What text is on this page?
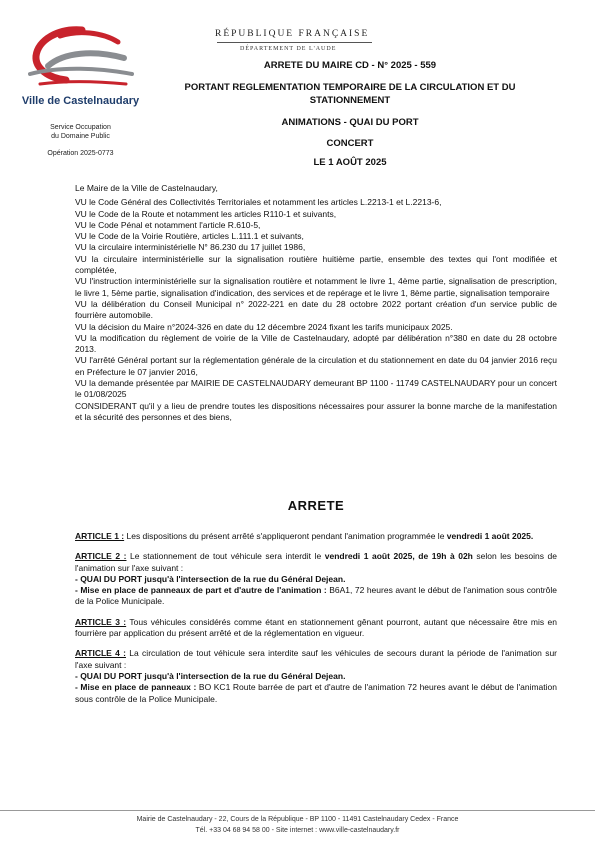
Ville de Castelnaudary
Service Occupation
du Domaine Public
Opération 2025-0773
RÉPUBLIQUE FRANÇAISE
DÉPARTEMENT DE L'AUDE
ARRETE DU MAIRE CD - N° 2025 - 559
PORTANT REGLEMENTATION TEMPORAIRE DE LA CIRCULATION ET DU
STATIONNEMENT
ANIMATIONS - QUAI DU PORT
CONCERT
LE 1 AOÛT 2025

Le Maire de la Ville de Castelnaudary,

VU le Code Général des Collectivités Territoriales et notamment les articles L.2213-1 et L.2213-6,

VU le Code de la Route et notamment les articles R110-1 et suivants,

VU le Code Pénal et notamment l'article R.610-5,

VU le Code de la Voirie Routière, articles L.111.1 et suivants,

VU la circulaire interministérielle N° 86.230 du 17 juillet 1986,

VU la circulaire interministérielle sur la signalisation routière huitième partie, ensemble des textes qui l'ont modifiée et complétée,

VU l'instruction interministérielle sur la signalisation routière et notamment le livre 1, 4ème partie, signalisation de prescription, le livre 1, 5ème partie, signalisation d'indication, des services et de repérage et le livre 1, 8ème partie, signalisation temporaire

VU la délibération du Conseil Municipal n° 2022-221 en date du 28 octobre 2022 portant création d'un service public de fourrière automobile.

VU la décision du Maire n°2024-326 en date du 12 décembre 2024 fixant les tarifs municipaux 2025.

VU la modification du règlement de voirie de la Ville de Castelnaudary, adopté par délibération n°380 en date du 28 octobre 2013.

VU l'arrêté Général portant sur la réglementation générale de la circulation et du stationnement en date du 04 janvier 2016 reçu en Préfecture le 07 janvier 2016,

VU la demande présentée par MAIRIE DE CASTELNAUDARY demeurant BP 1100 - 11749 CASTELNAUDARY pour un concert le 01/08/2025

CONSIDERANT qu'il y a lieu de prendre toutes les dispositions nécessaires pour assurer la bonne marche de la manifestation et la sécurité des personnes et des biens,

ARRETE

ARTICLE 1 : Les dispositions du présent arrêté s'appliqueront pendant l'animation programmée le vendredi 1 août 2025.

ARTICLE 2 : Le stationnement de tout véhicule sera interdit le vendredi 1 août 2025, de 19h à 02h selon les besoins de l'animation sur l'axe suivant :

- QUAI DU PORT jusqu'à l'intersection de la rue du Général Dejean.

- Mise en place de panneaux de part et d'autre de l'animation : B6A1, 72 heures avant le début de l'animation sous contrôle de la Police Municipale.

ARTICLE 3 : Tous véhicules considérés comme étant en stationnement gênant pourront, autant que nécessaire être mis en fourrière par application du présent arrêté et de la réglementation en vigueur.

ARTICLE 4 : La circulation de tout véhicule sera interdite sauf les véhicules de secours durant la période de l'animation sur l'axe suivant :

- QUAI DU PORT jusqu'à l'intersection de la rue du Général Dejean.

- Mise en place de panneaux : BO KC1 Route barrée de part et d'autre de l'animation 72 heures avant le début de l'animation sous contrôle de la Police Municipale.

Mairie de Castelnaudary - 22, Cours de la République - BP 1100 - 11491 Castelnaudary Cedex - France
Tél. +33 04 68 94 58 00 - Site internet : www.ville-castelnaudary.fr
